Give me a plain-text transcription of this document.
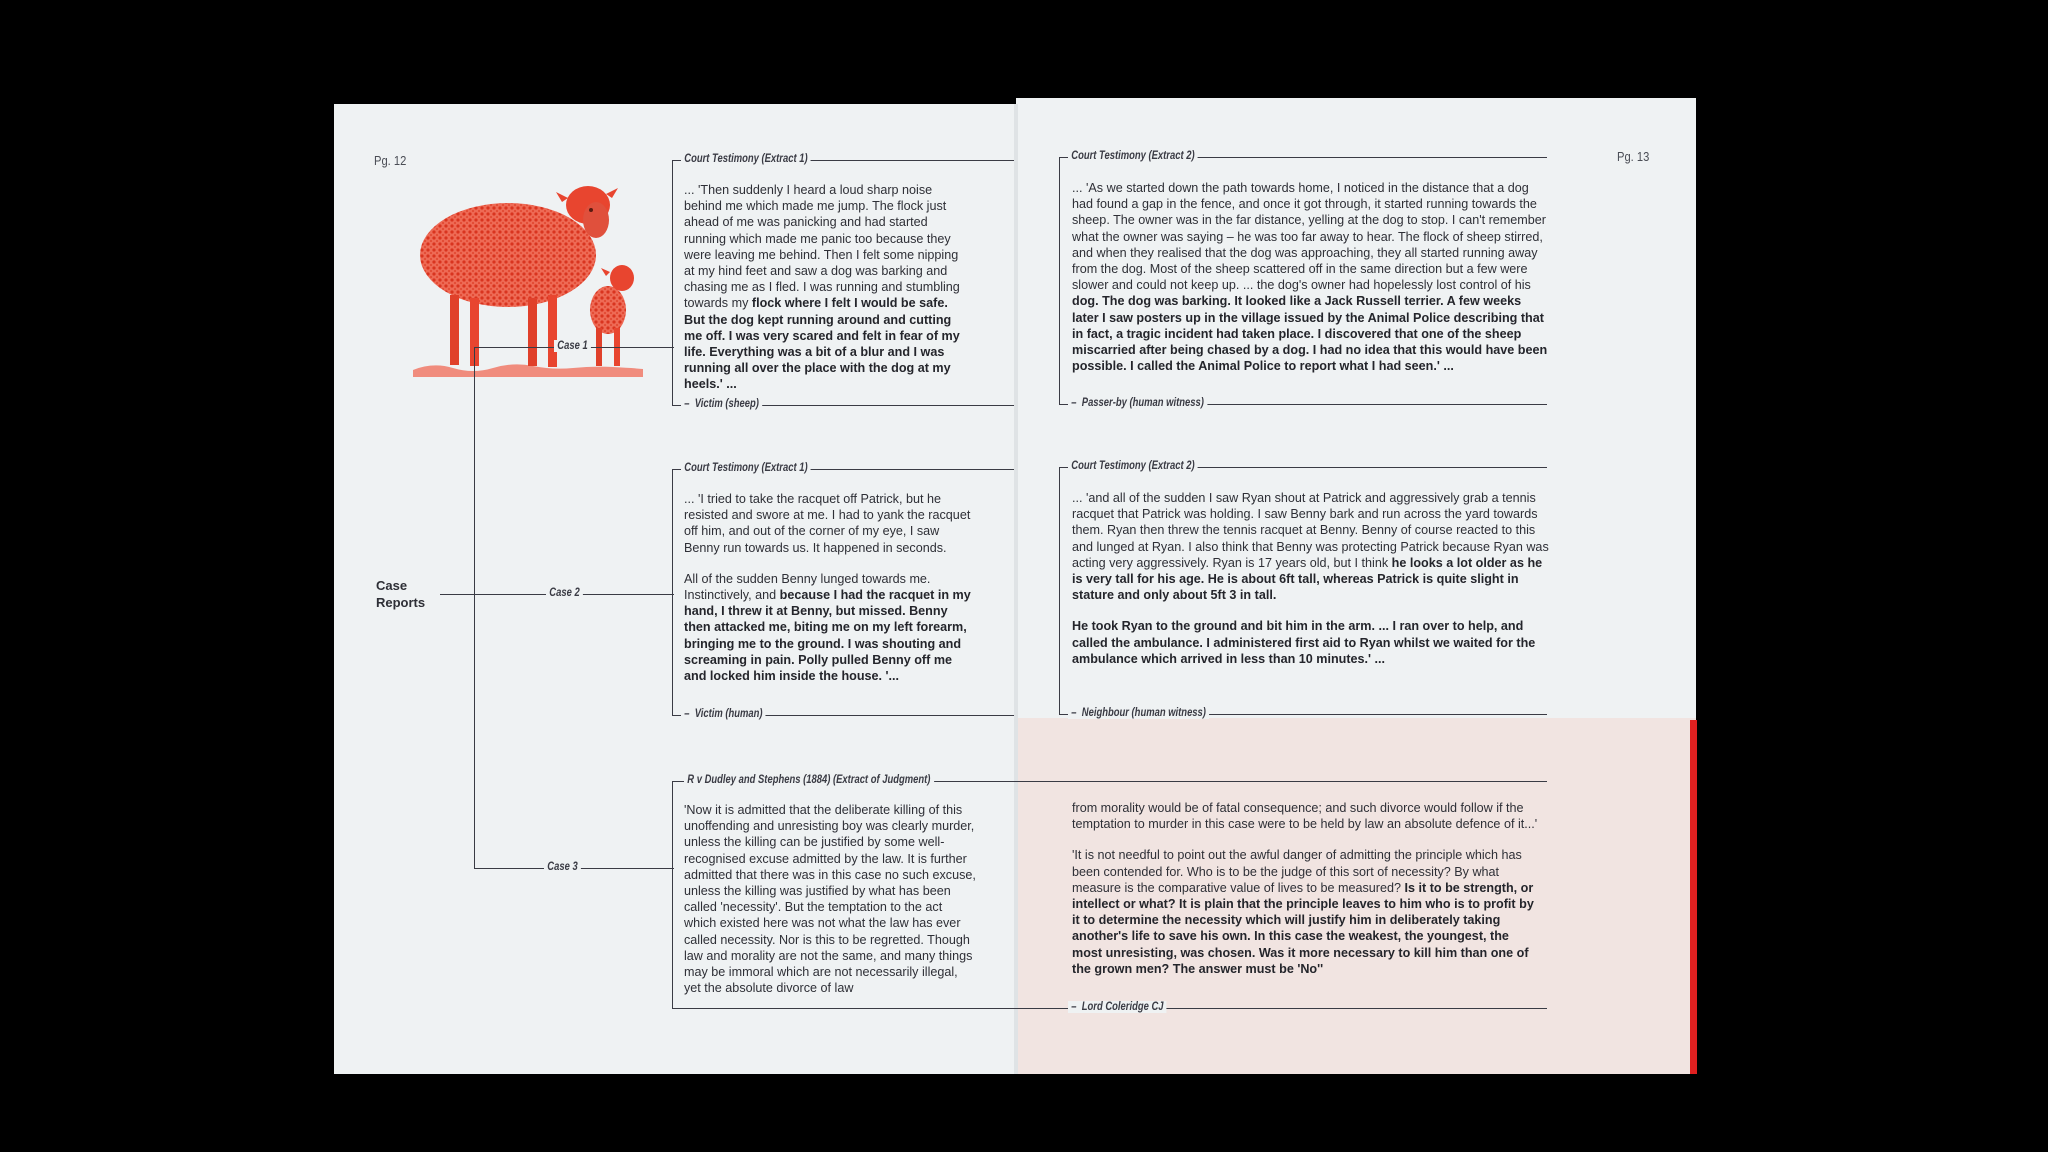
Pg. 12	Pg. 13
Case
Reports
Case 1
Case 2
Case 3
Court Testimony (Extract 1)
–  Victim (sheep)
... 'Then suddenly I heard a loud sharp noise behind me which made me jump. The flock just ahead of me was panicking and had started running which made me panic too because they were leaving me behind. Then I felt some nipping at my hind feet and saw a dog was barking and chasing me as I fled. I was running and stumbling towards my flock where I felt I would be safe. But the dog kept running around and cutting me off. I was very scared and felt in fear of my life. Everything was a bit of a blur and I was running all over the place with the dog at my heels.' ...
Court Testimony (Extract 2)
–  Passer-by (human witness)
... 'As we started down the path towards home, I noticed in the distance that a dog had found a gap in the fence, and once it got through, it started running towards the sheep. The owner was in the far distance, yelling at the dog to stop. I can't remember what the owner was saying – he was too far away to hear. The flock of sheep stirred, and when they realised that the dog was approaching, they all started running away from the dog. Most of the sheep scattered off in the same direction but a few were slower and could not keep up. ... the dog's owner had hopelessly lost control of his dog. The dog was barking. It looked like a Jack Russell terrier. A few weeks later I saw posters up in the village issued by the Animal Police describing that in fact, a tragic incident had taken place. I discovered that one of the sheep miscarried after being chased by a dog. I had no idea that this would have been possible. I called the Animal Police to report what I had seen.' ...
Court Testimony (Extract 1)
–  Victim (human)

... 'I tried to take the racquet off Patrick, but he resisted and swore at me. I had to yank the racquet off him, and out of the corner of my eye, I saw Benny run towards us. It happened in seconds.

All of the sudden Benny lunged towards me. Instinctively, and because I had the racquet in my hand, I threw it at Benny, but missed. Benny then attacked me, biting me on my left forearm, bringing me to the ground. I was shouting and screaming in pain. Polly pulled Benny off me and locked him inside the house. '...

Court Testimony (Extract 2)
–  Neighbour (human witness)

... 'and all of the sudden I saw Ryan shout at Patrick and aggressively grab a tennis racquet that Patrick was holding. I saw Benny bark and run across the yard towards them. Ryan then threw the tennis racquet at Benny. Benny of course reacted to this and lunged at Ryan. I also think that Benny was protecting Patrick because Ryan was acting very aggressively. Ryan is 17 years old, but I think he looks a lot older as he is very tall for his age. He is about 6ft tall, whereas Patrick is quite slight in stature and only about 5ft 3 in tall.

He took Ryan to the ground and bit him in the arm. ... I ran over to help, and called the ambulance. I administered first aid to Ryan whilst we waited for the ambulance which arrived in less than 10 minutes.' ...

R v Dudley and Stephens (1884) (Extract of Judgment)
–  Lord Coleridge CJ
'Now it is admitted that the deliberate killing of this unoffending and unresisting boy was clearly murder, unless the killing can be justified by some well-recognised excuse admitted by the law. It is further admitted that there was in this case no such excuse, unless the killing was justified by what has been called 'necessity'. But the temptation to the act which existed here was not what the law has ever called necessity. Nor is this to be regretted. Though law and morality are not the same, and many things may be immoral which are not necessarily illegal, yet the absolute divorce of law

from morality would be of fatal consequence; and such divorce would follow if the temptation to murder in this case were to be held by law an absolute defence of it...'

'It is not needful to point out the awful danger of admitting the principle which has been contended for. Who is to be the judge of this sort of necessity? By what measure is the comparative value of lives to be measured? Is it to be strength, or intellect or what? It is plain that the principle leaves to him who is to profit by it to determine the necessity which will justify him in deliberately taking another's life to save his own. In this case the weakest, the youngest, the most unresisting, was chosen. Was it more necessary to kill him than one of the grown men? The answer must be 'No''
